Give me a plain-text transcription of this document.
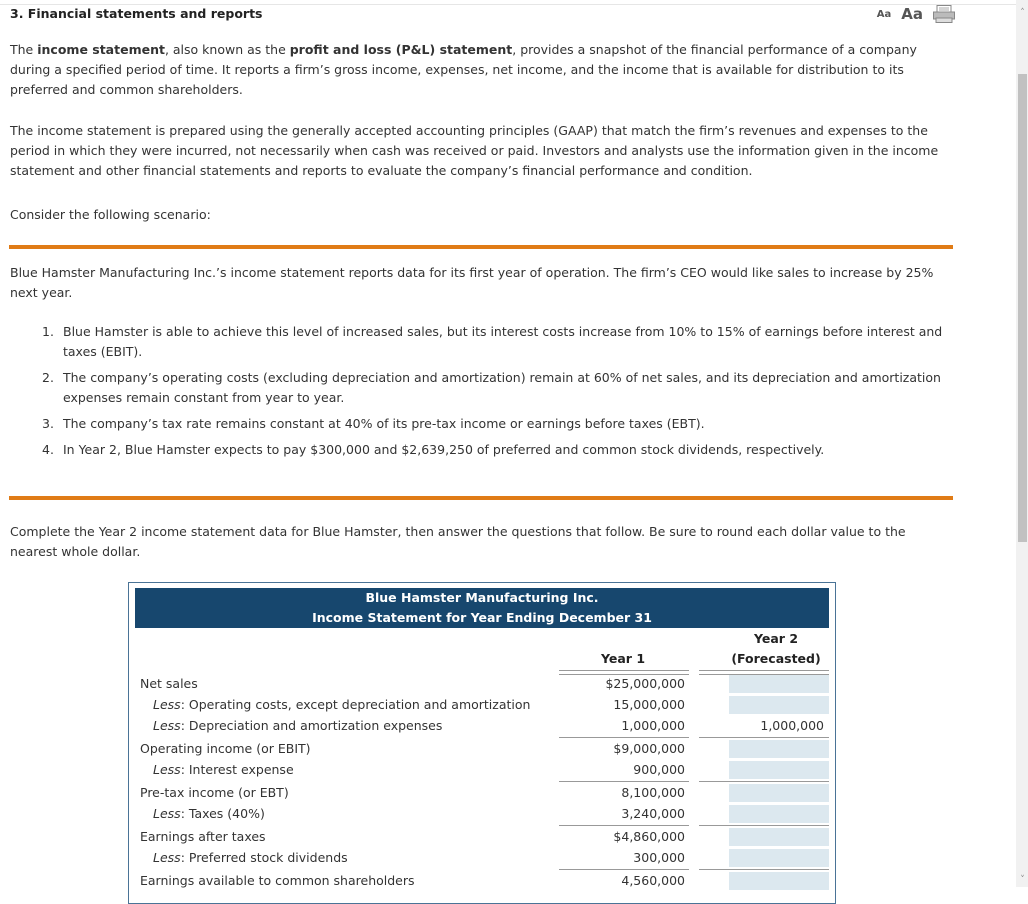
3. Financial statements and reports	Aa Aa

The income statement, also known as the profit and loss (P&L) statement, provides a snapshot of the financial performance of a company during a specified period of time. It reports a firm’s gross income, expenses, net income, and the income that is available for distribution to its preferred and common shareholders.

The income statement is prepared using the generally accepted accounting principles (GAAP) that match the firm’s revenues and expenses to the period in which they were incurred, not necessarily when cash was received or paid. Investors and analysts use the information given in the income statement and other financial statements and reports to evaluate the company’s financial performance and condition.

Consider the following scenario:

Blue Hamster Manufacturing Inc.’s income statement reports data for its first year of operation. The firm’s CEO would like sales to increase by 25% next year.

1. Blue Hamster is able to achieve this level of increased sales, but its interest costs increase from 10% to 15% of earnings before interest and taxes (EBIT).
2. The company’s operating costs (excluding depreciation and amortization) remain at 60% of net sales, and its depreciation and amortization expenses remain constant from year to year.
3. The company’s tax rate remains constant at 40% of its pre-tax income or earnings before taxes (EBT).
4. In Year 2, Blue Hamster expects to pay $300,000 and $2,639,250 of preferred and common stock dividends, respectively.

Complete the Year 2 income statement data for Blue Hamster, then answer the questions that follow. Be sure to round each dollar value to the nearest whole dollar.

Blue Hamster Manufacturing Inc.
Income Statement for Year Ending December 31
Year 2
(Forecasted)
Year 1
Net sales	$25,000,000
Less: Operating costs, except depreciation and amortization	15,000,000
Less: Depreciation and amortization expenses	1,000,000	1,000,000
Operating income (or EBIT)	$9,000,000
Less: Interest expense	900,000
Pre-tax income (or EBT)	8,100,000
Less: Taxes (40%)	3,240,000
Earnings after taxes	$4,860,000
Less: Preferred stock dividends	300,000
Earnings available to common shareholders	4,560,000
˄
˅
